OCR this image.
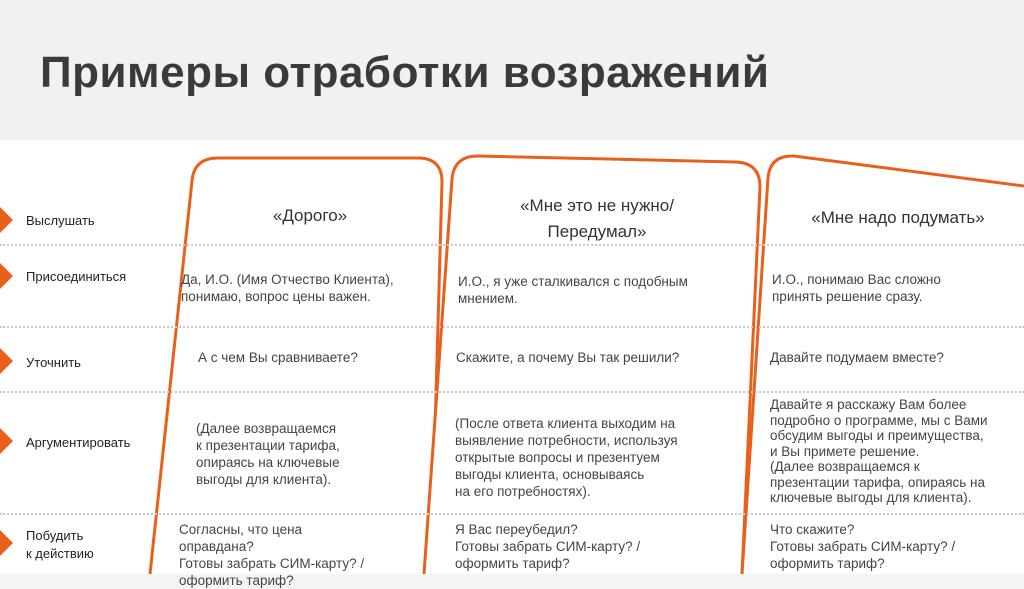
Примеры отработки возражений
Выслушать
Присоединиться
Уточнить
Аргументировать
Побудить
к действию
«Дорого»
Да, И.О. (Имя Отчество Клиента),
понимаю, вопрос цены важен.
А с чем Вы сравниваете?
(Далее возвращаемся
к презентации тарифа,
опираясь на ключевые
выгоды для клиента).
Согласны, что цена
оправдана?
Готовы забрать СИМ-карту? /
оформить тариф?
«Мне это не нужно/
Передумал»
И.О., я уже сталкивался с подобным
мнением.
Скажите, а почему Вы так решили?
(После ответа клиента выходим на
выявление потребности, используя
открытые вопросы и презентуем
выгоды клиента, основываясь
на его потребностях).
Я Вас переубедил?
Готовы забрать СИМ-карту? /
оформить тариф?
«Мне надо подумать»
И.О., понимаю Вас сложно
принять решение сразу.
Давайте подумаем вместе?
Давайте я расскажу Вам более
подробно о программе, мы с Вами
обсудим выгоды и преимущества,
и Вы примете решение.
(Далее возвращаемся к
презентации тарифа, опираясь на
ключевые выгоды для клиента).
Что скажите?
Готовы забрать СИМ-карту? /
оформить тариф?
